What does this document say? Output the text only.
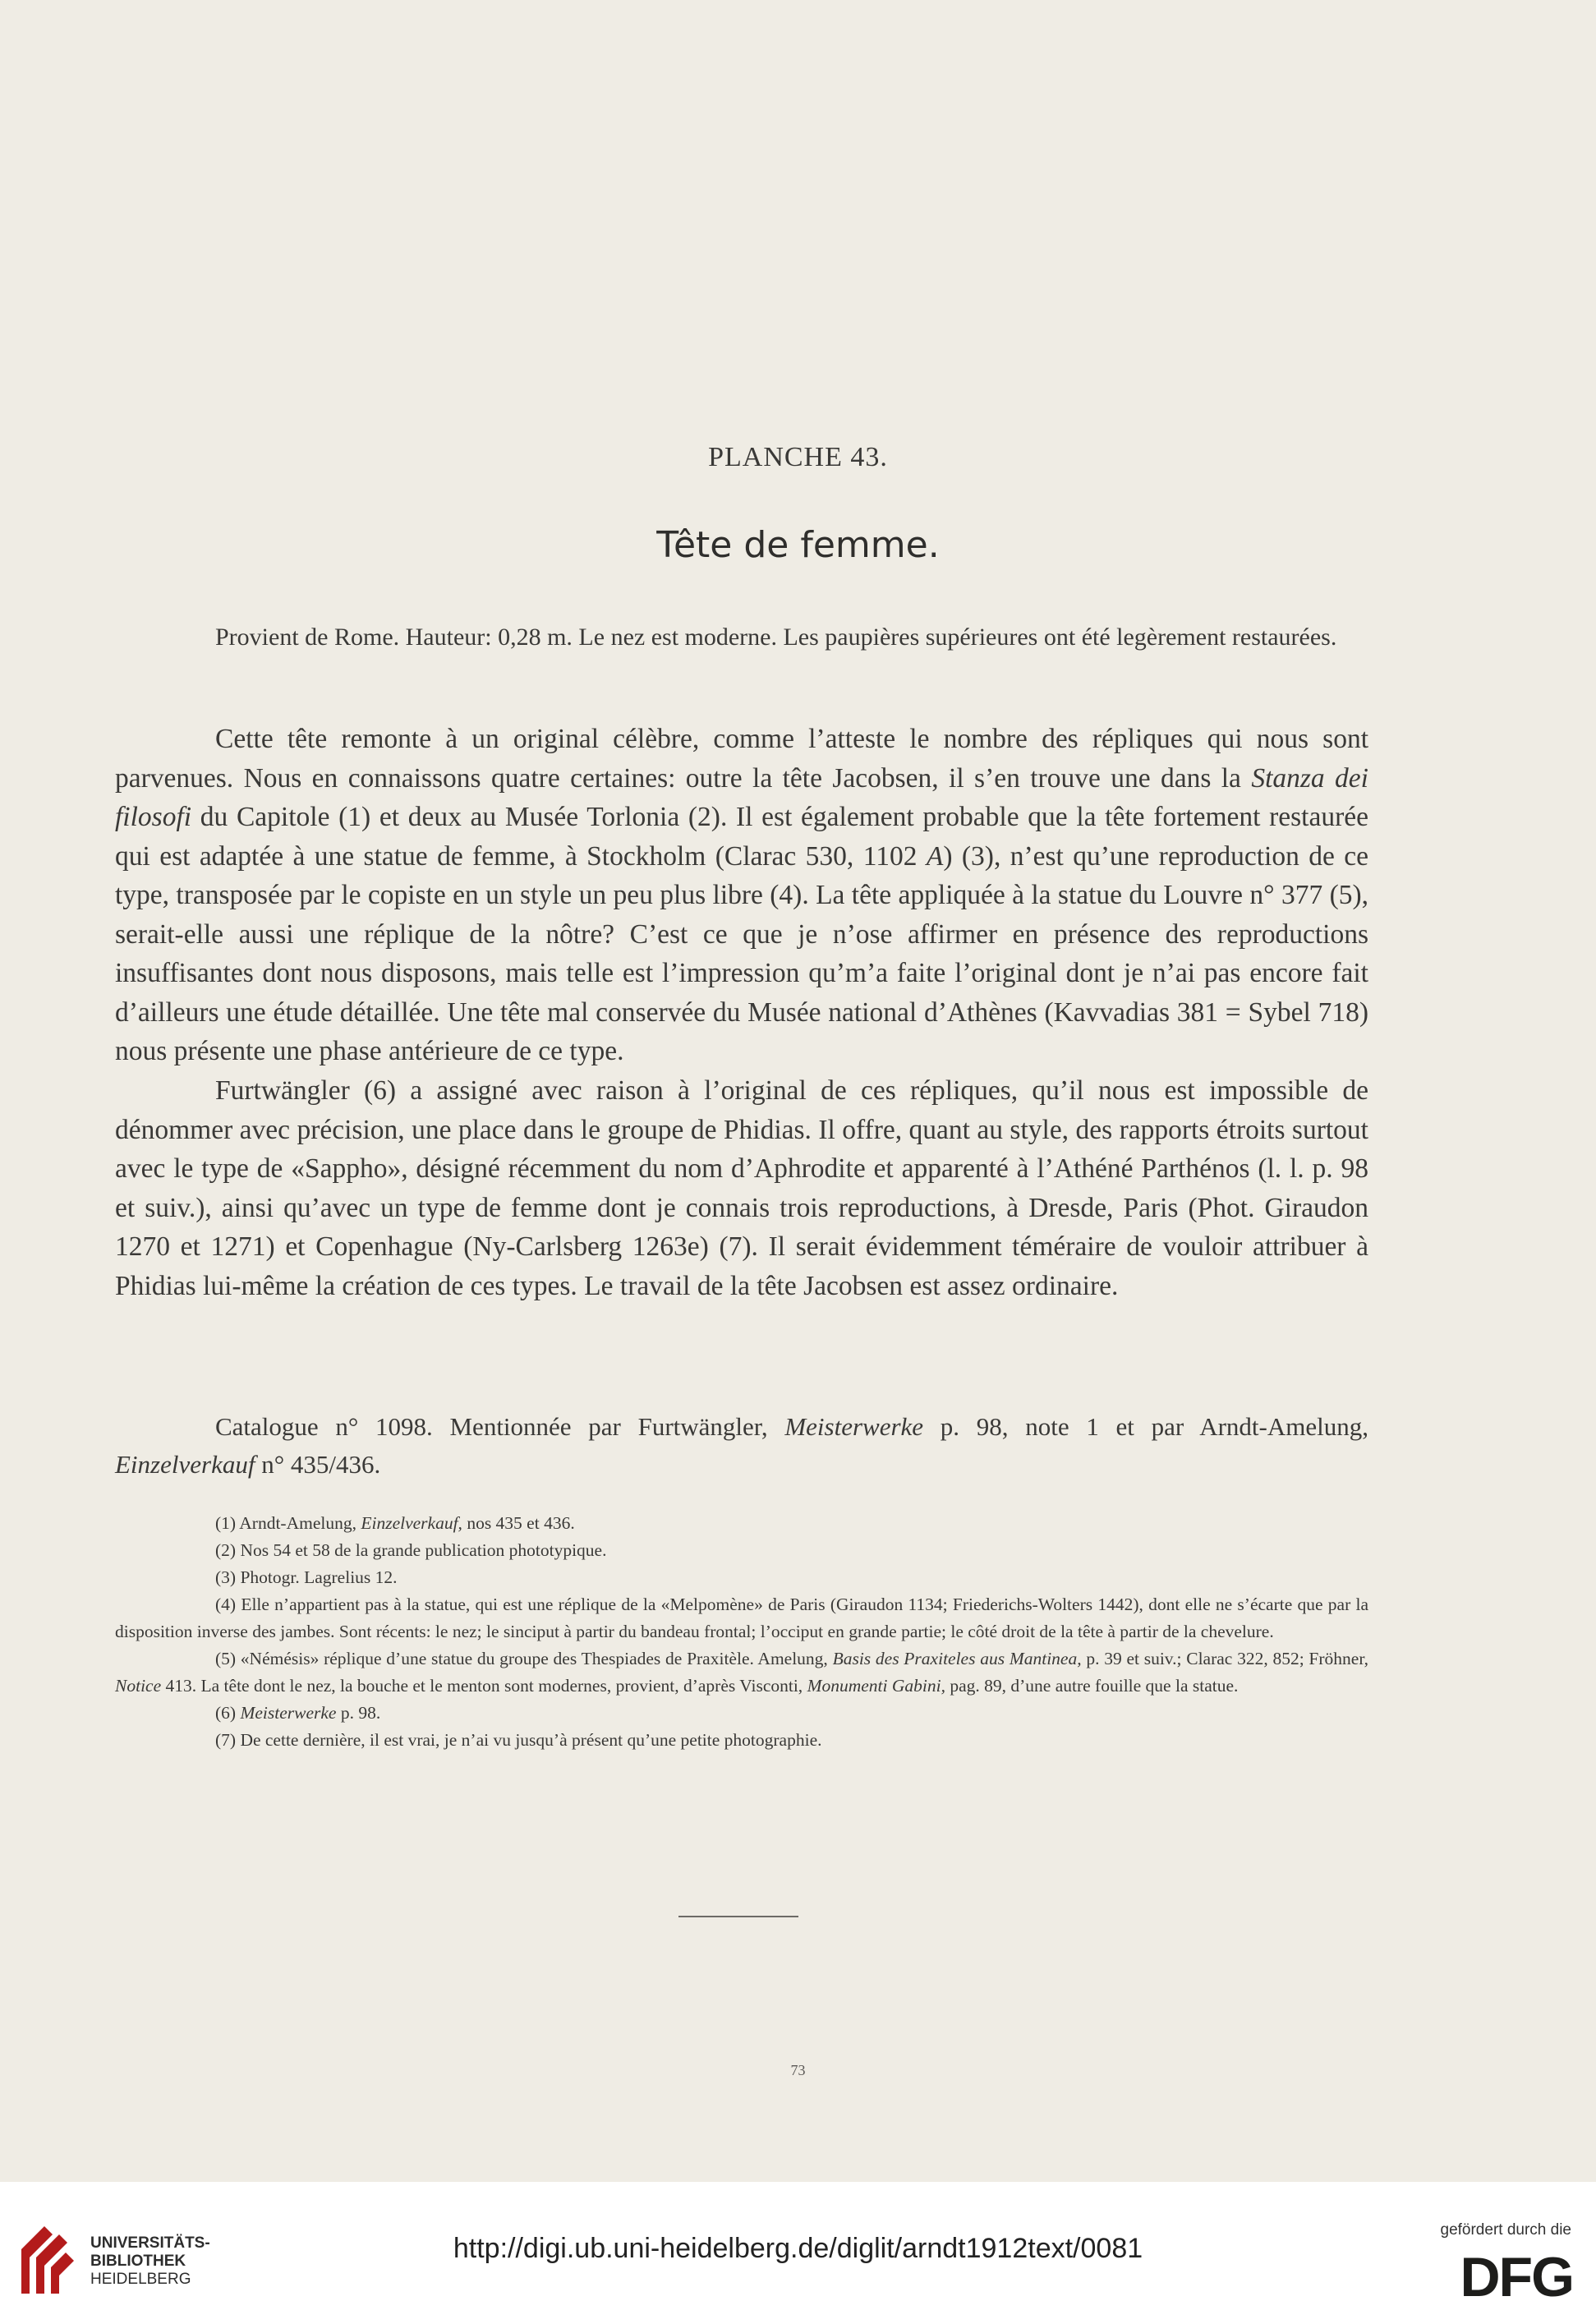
PLANCHE 43.
Tête de femme.

Provient de Rome. Hauteur: 0,28 m. Le nez est moderne. Les paupières supérieures ont été legèrement restaurées.

Cette tête remonte à un original célèbre, comme l’atteste le nombre des répliques qui nous sont parvenues. Nous en connaissons quatre certaines: outre la tête Jacobsen, il s’en trouve une dans la Stanza dei filosofi du Capitole (1) et deux au Musée Torlonia (2). Il est également probable que la tête fortement restaurée qui est adaptée à une statue de femme, à Stockholm (Clarac 530, 1102 A) (3), n’est qu’une reproduction de ce type, transposée par le copiste en un style un peu plus libre (4). La tête appliquée à la statue du Louvre n° 377 (5), serait-elle aussi une réplique de la nôtre? C’est ce que je n’ose affirmer en présence des reproductions insuffisantes dont nous disposons, mais telle est l’impression qu’m’a faite l’original dont je n’ai pas encore fait d’ailleurs une étude détaillée. Une tête mal conservée du Musée national d’Athènes (Kavvadias 381 = Sybel 718) nous présente une phase antérieure de ce type.

Furtwängler (6) a assigné avec raison à l’original de ces répliques, qu’il nous est impossible de dénommer avec précision, une place dans le groupe de Phidias. Il offre, quant au style, des rapports étroits surtout avec le type de «Sappho», désigné récemment du nom d’Aphrodite et apparenté à l’Athéné Parthénos (l. l. p. 98 et suiv.), ainsi qu’avec un type de femme dont je connais trois reproductions, à Dresde, Paris (Phot. Giraudon 1270 et 1271) et Copenhague (Ny-Carlsberg 1263e) (7). Il serait évidemment téméraire de vouloir attribuer à Phidias lui-même la création de ces types. Le travail de la tête Jacobsen est assez ordinaire.

Catalogue n° 1098. Mentionnée par Furtwängler, Meisterwerke p. 98, note 1 et par Arndt-Amelung, Einzelverkauf n° 435/436.

(1) Arndt-Amelung, Einzelverkauf, nos 435 et 436.

(2) Nos 54 et 58 de la grande publication phototypique.

(3) Photogr. Lagrelius 12.

(4) Elle n’appartient pas à la statue, qui est une réplique de la «Melpomène» de Paris (Giraudon 1134; Friederichs-Wolters 1442), dont elle ne s’écarte que par la disposition inverse des jambes. Sont récents: le nez; le sinciput à partir du bandeau frontal; l’occiput en grande partie; le côté droit de la tête à partir de la chevelure.

(5) «Némésis» réplique d’une statue du groupe des Thespiades de Praxitèle. Amelung, Basis des Praxiteles aus Mantinea, p. 39 et suiv.; Clarac 322, 852; Fröhner, Notice 413. La tête dont le nez, la bouche et le menton sont modernes, provient, d’après Visconti, Monumenti Gabini, pag. 89, d’une autre fouille que la statue.

(6) Meisterwerke p. 98.

(7) De cette dernière, il est vrai, je n’ai vu jusqu’à présent qu’une petite photographie.

73
UNIVERSITÄTS-
BIBLIOTHEK
HEIDELBERG
http://digi.ub.uni-heidelberg.de/diglit/arndt1912text/0081
gefördert durch die
DFG
